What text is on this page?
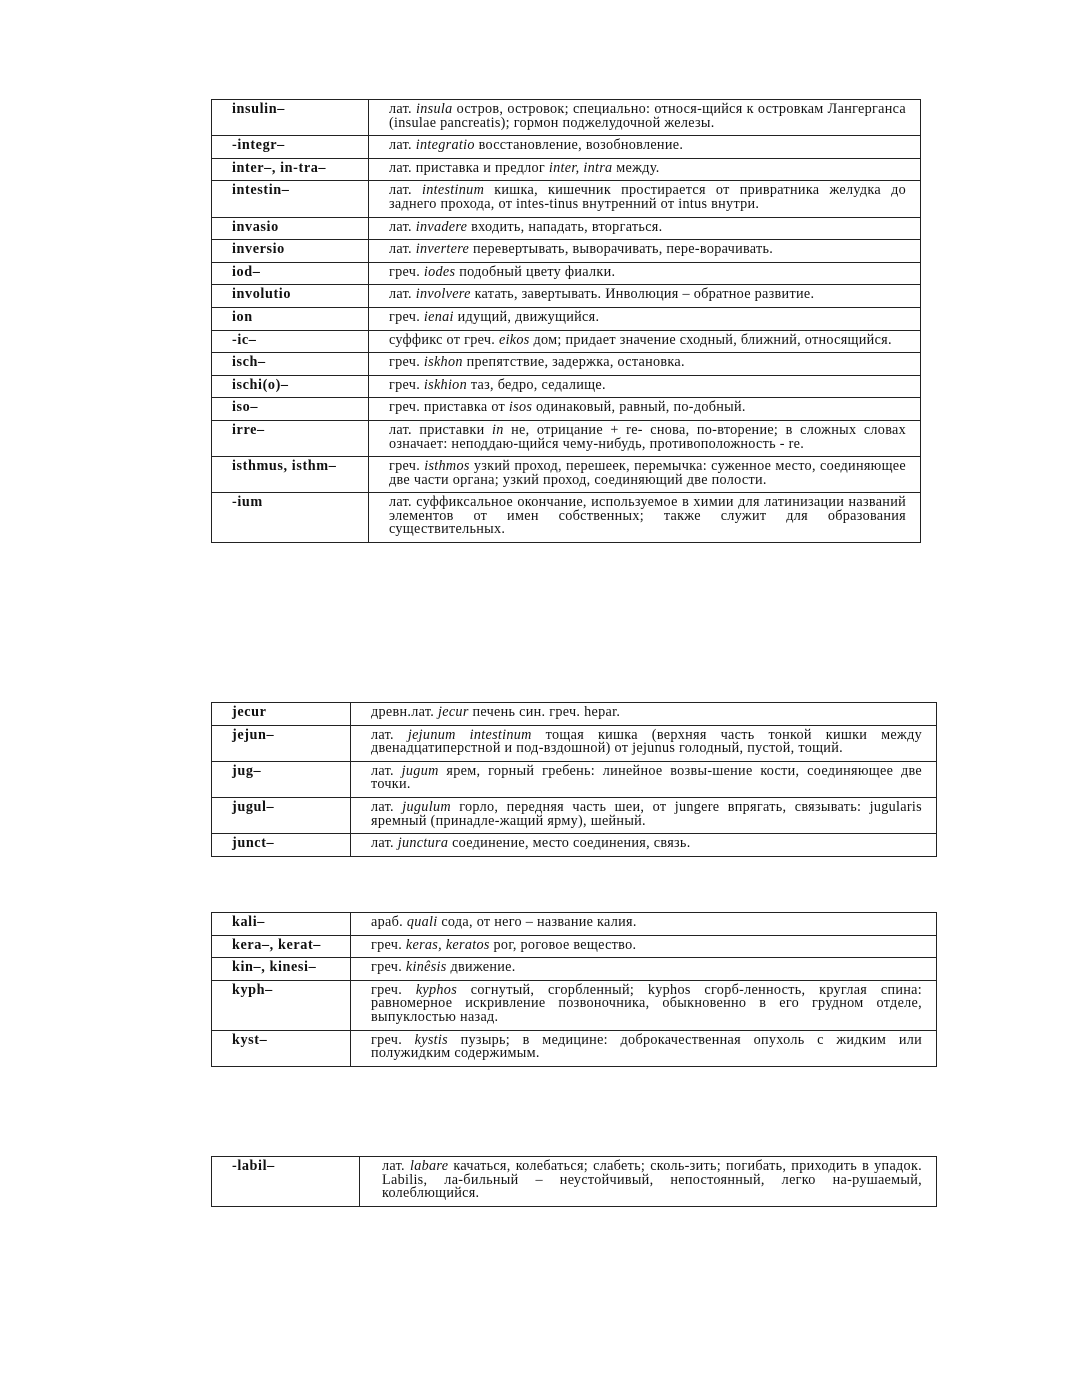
insulin–	лат. insula остров, островок; специально: относя-щийся к островкам Лангерганса (insulae pancreatis); гормон поджелудочной железы.
-integr–	лат. integratio восстановление, возобновление.
inter–, in-tra–	лат. приставка и предлог inter, intra между.
intestin–	лат. intestinum кишка, кишечник простирается от привратника желудка до заднего прохода, от intes-tinus внутренний от intus внутри.
invasio	лат. invadere входить, нападать, вторгаться.
inversio	лат. invertere перевертывать, выворачивать, пере-ворачивать.
iod–	греч. iodes подобный цвету фиалки.
involutio	лат. involvere катать, завертывать. Инволюция – обратное развитие.
ion	греч. ienai идущий, движущийся.
-ic–	суффикс от греч. eikos дом; придает значение сходный, ближний, относящийся.
isch–	греч. iskhon препятствие, задержка, остановка.
ischi(o)–	греч. iskhion таз, бедро, седалище.
iso–	греч. приставка от isos одинаковый, равный, по-добный.
irre–	лат. приставки in не, отрицание + re- снова, по-вторение; в сложных словах означает: неподдаю-щийся чему-нибудь, противоположность - re.
isthmus, isthm–	греч. isthmos узкий проход, перешеек, перемычка: суженное место, соединяющее две части органа; узкий проход, соединяющий две полости.
-ium	лат. суффиксальное окончание, используемое в химии для латинизации названий элементов от имен собственных; также служит для образования существительных.
jecur	древн.лат. jecur печень син. греч. hepar.
jejun–	лат. jejunum intestinum тощая кишка (верхняя часть тонкой кишки между двенадцатиперстной и под-вздошной) от jejunus голодный, пустой, тощий.
jug–	лат. jugum ярем, горный гребень: линейное возвы-шение кости, соединяющее две точки.
jugul–	лат. jugulum горло, передняя часть шеи, от jungere впрягать, связывать: jugularis яремный (принадле-жащий ярму), шейный.
junct–	лат. junctura соединение, место соединения, связь.
kali–	араб. quali сода, от него – название калия.
kera–, kerat–	греч. keras, keratos рог, роговое вещество.
kin–, kinesi–	греч. kinêsis движение.
kyph–	греч. kyphos согнутый, сгорбленный; kyphos сгорб-ленность, круглая спина: равномерное искривление позвоночника, обыкновенно в его грудном отделе, выпуклостью назад.
kyst–	греч. kystis пузырь; в медицине: доброкачественная опухоль с жидким или полужидким содержимым.
-labil–	лат. labare качаться, колебаться; слабеть; сколь-зить; погибать, приходить в упадок. Labilis, ла-бильный – неустойчивый, непостоянный, легко на-рушаемый, колеблющийся.
